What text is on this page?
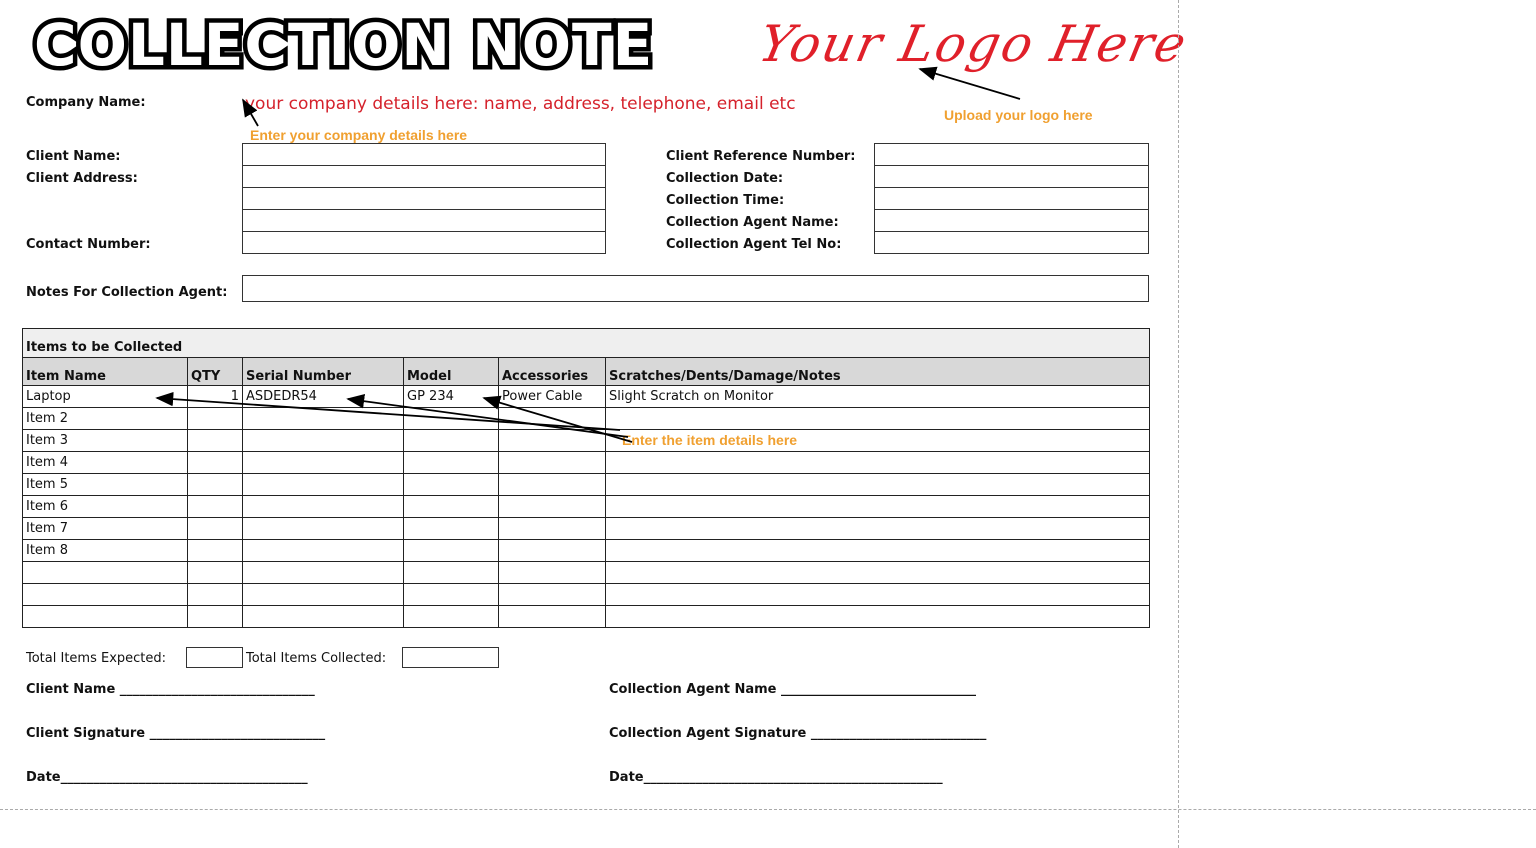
COLLECTION NOTE Your Logo Here
Upload your logo here
Company Name:	your company details here: name, address, telephone, email etc
Enter your company details here
Client Name:
Client Address:
Contact Number:
Client Reference Number:
Collection Date:
Collection Time:
Collection Agent Name:
Collection Agent Tel No:
Notes For Collection Agent:
Items to be Collected					
Item Name	QTY	Serial Number	Model	Accessories	Scratches/Dents/Damage/Notes
Laptop	1	ASDEDR54	GP 234	Power Cable	Slight Scratch on Monitor
Item 2					
Item 3					
Item 4					
Item 5					
Item 6					
Item 7					
Item 8					

Enter the item details here
Total Items Expected:	Total Items Collected:
Client Name ______________________________
Client Signature ___________________________
Date______________________________________
Collection Agent Name ______________________________
Collection Agent Signature ___________________________
Date______________________________________________
